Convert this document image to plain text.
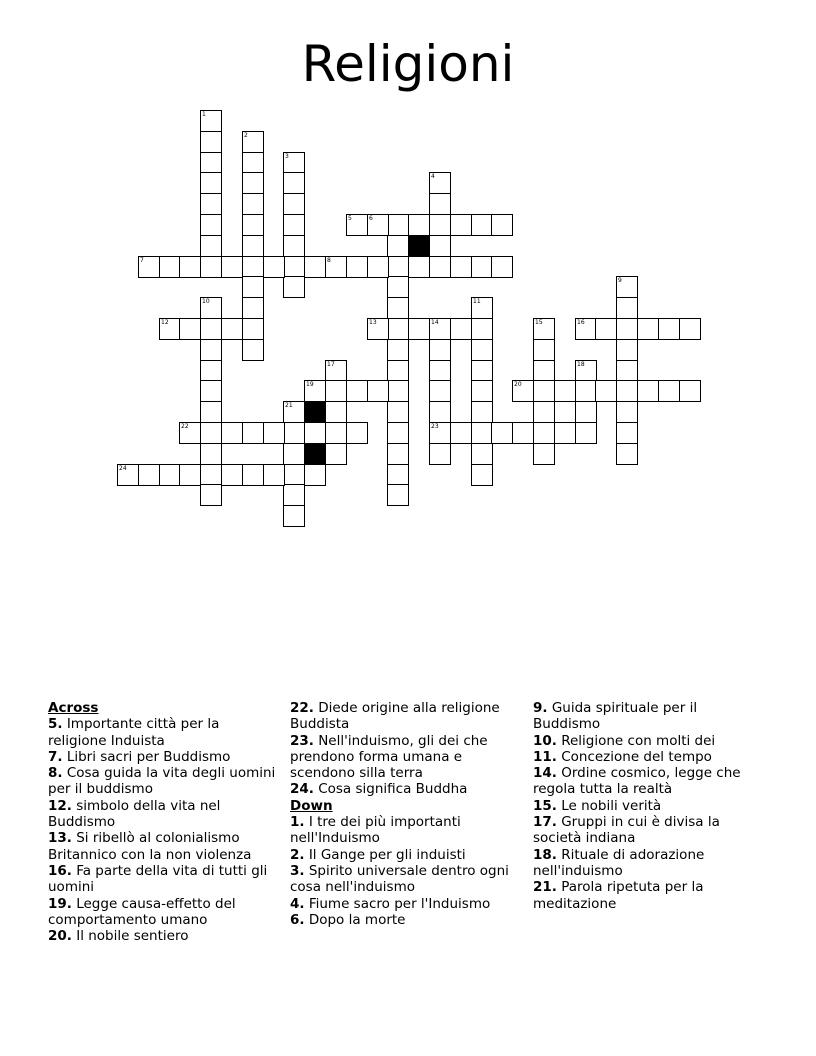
Religioni
1
2
3
4
9
10	11
14
23
15
17	18
21
5	6
7	8
12	13	16
19	20
22
24
Across
5. Importante città per la religione Induista
7. Libri sacri per Buddismo
8. Cosa guida la vita degli uomini per il buddismo
12. simbolo della vita nel Buddismo
13. Si ribellò al colonialismo Britannico con la non violenza
16. Fa parte della vita di tutti gli uomini
19. Legge causa-effetto del comportamento umano
20. Il nobile sentiero
22. Diede origine alla religione Buddista
23. Nell'induismo, gli dei che prendono forma umana e scendono silla terra
24. Cosa significa Buddha
Down
1. I tre dei più importanti nell'Induismo
2. Il Gange per gli induisti
3. Spirito universale dentro ogni cosa nell'induismo
4. Fiume sacro per l'Induismo
6. Dopo la morte
9. Guida spirituale per il Buddismo
10. Religione con molti dei
11. Concezione del tempo
14. Ordine cosmico, legge che regola tutta la realtà
15. Le nobili verità
17. Gruppi in cui è divisa la società indiana
18. Rituale di adorazione nell'induismo
21. Parola ripetuta per la meditazione
